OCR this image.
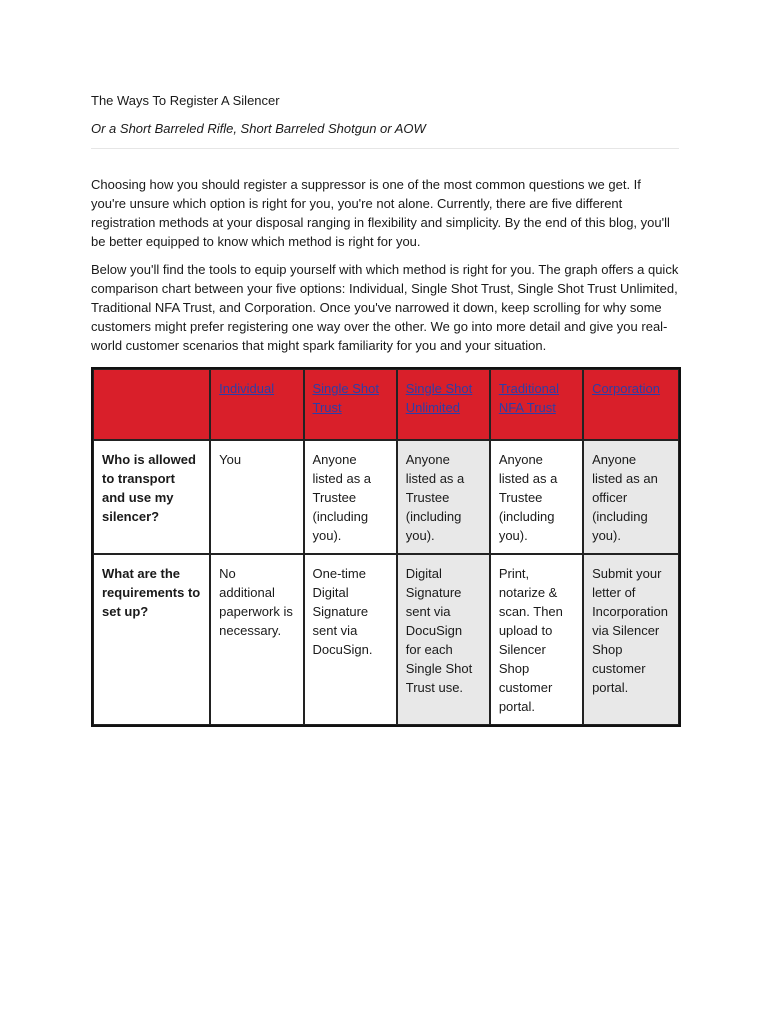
The Ways To Register A Silencer

Or a Short Barreled Rifle, Short Barreled Shotgun or AOW

Choosing how you should register a suppressor is one of the most common questions we get. If you're unsure which option is right for you, you're not alone. Currently, there are five different registration methods at your disposal ranging in flexibility and simplicity. By the end of this blog, you'll be better equipped to know which method is right for you.

Below you'll find the tools to equip yourself with which method is right for you. The graph offers a quick comparison chart between your five options: Individual, Single Shot Trust, Single Shot Trust Unlimited, Traditional NFA Trust, and Corporation. Once you've narrowed it down, keep scrolling for why some customers might prefer registering one way over the other. We go into more detail and give you real-world customer scenarios that might spark familiarity for you and your situation.

	Individual	Single Shot Trust	Single Shot Unlimited	Traditional NFA Trust	Corporation
Who is allowed to transport and use my silencer?	You	Anyone listed as a Trustee (including you).	Anyone listed as a Trustee (including you).	Anyone listed as a Trustee (including you).	Anyone listed as an officer (including you).
What are the requirements to set up?	No additional paperwork is necessary.	One-time Digital Signature sent via DocuSign.	Digital Signature sent via DocuSign for each Single Shot Trust use.	Print, notarize & scan. Then upload to Silencer Shop customer portal.	Submit your letter of Incorporation via Silencer Shop customer portal.
